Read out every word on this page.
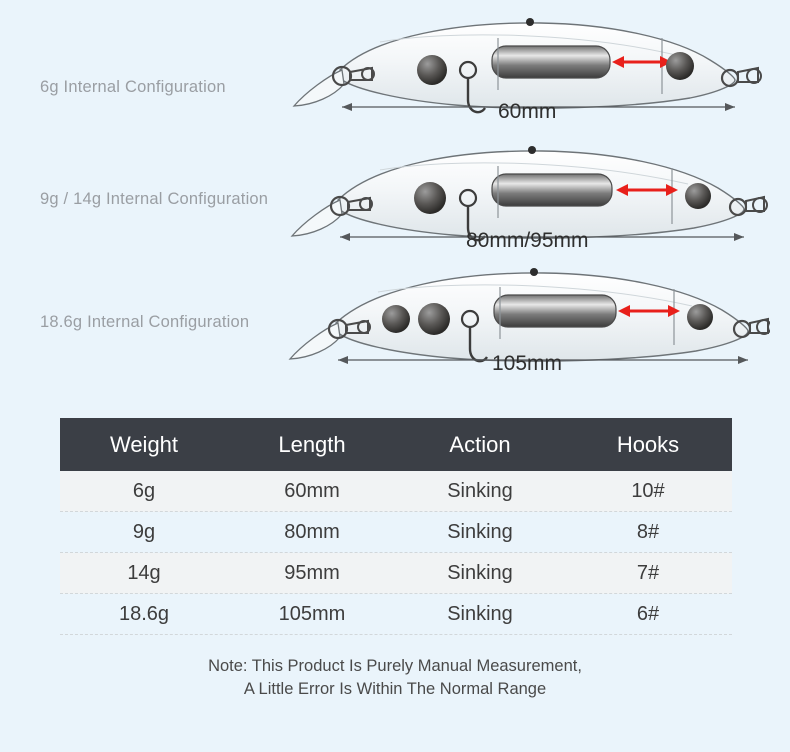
6g Internal Configuration
60mm
9g / 14g Internal Configuration
80mm/95mm
18.6g Internal Configuration
105mm
Weight	Length	Action	Hooks
6g	60mm	Sinking	10#
9g	80mm	Sinking	8#
14g	95mm	Sinking	7#
18.6g	105mm	Sinking	6#
Note: This Product Is Purely Manual Measurement,
A Little Error Is Within The Normal Range
